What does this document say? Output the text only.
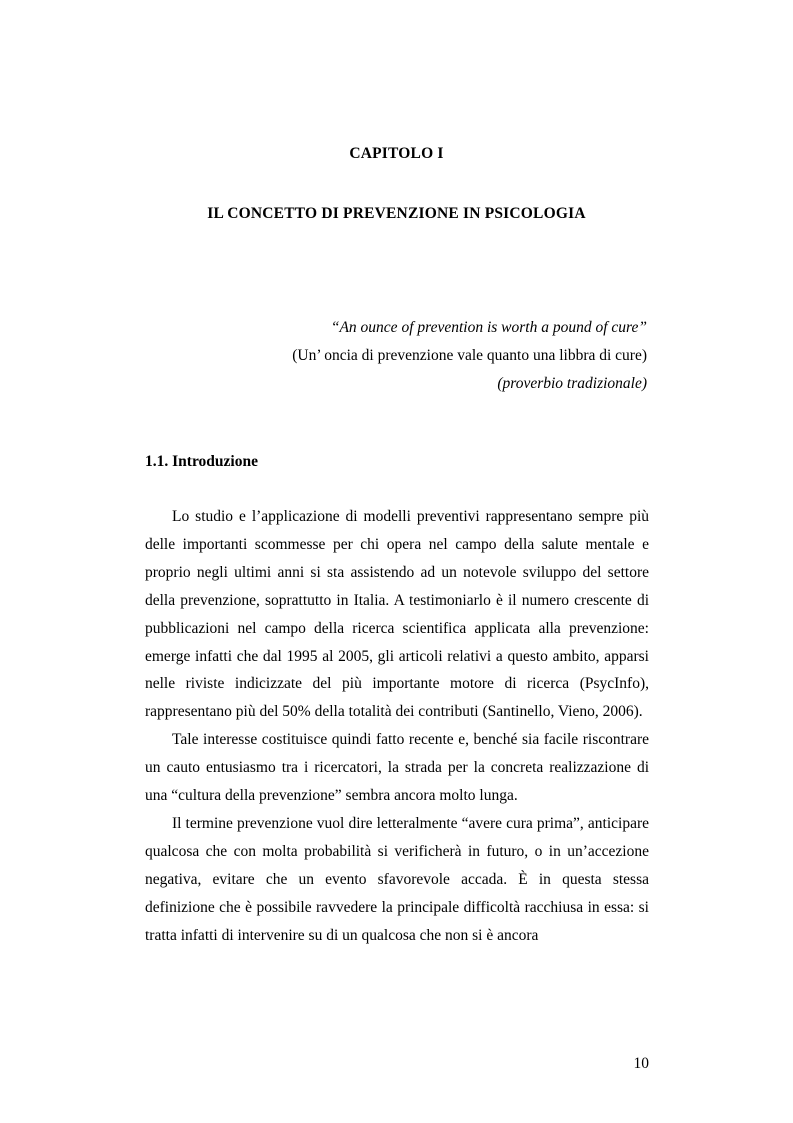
CAPITOLO I
IL CONCETTO DI PREVENZIONE IN PSICOLOGIA
“An ounce of prevention is worth a pound of cure”
(Un’ oncia di prevenzione vale quanto una libbra di cure)
(proverbio tradizionale)
1.1. Introduzione

Lo studio e l’applicazione di modelli preventivi rappresentano sempre più delle importanti scommesse per chi opera nel campo della salute mentale e proprio negli ultimi anni si sta assistendo ad un notevole sviluppo del settore della prevenzione, soprattutto in Italia. A testimoniarlo è il numero crescente di pubblicazioni nel campo della ricerca scientifica applicata alla prevenzione: emerge infatti che dal 1995 al 2005, gli articoli relativi a questo ambito, apparsi nelle riviste indicizzate del più importante motore di ricerca (PsycInfo), rappresentano più del 50% della totalità dei contributi (Santinello, Vieno, 2006).

Tale interesse costituisce quindi fatto recente e, benché sia facile riscontrare un cauto entusiasmo tra i ricercatori, la strada per la concreta realizzazione di una “cultura della prevenzione” sembra ancora molto lunga.

Il termine prevenzione vuol dire letteralmente “avere cura prima”, anticipare qualcosa che con molta probabilità si verificherà in futuro, o in un’accezione negativa, evitare che un evento sfavorevole accada. È in questa stessa definizione che è possibile ravvedere la principale difficoltà racchiusa in essa: si tratta infatti di intervenire su di un qualcosa che non si è ancora

10
